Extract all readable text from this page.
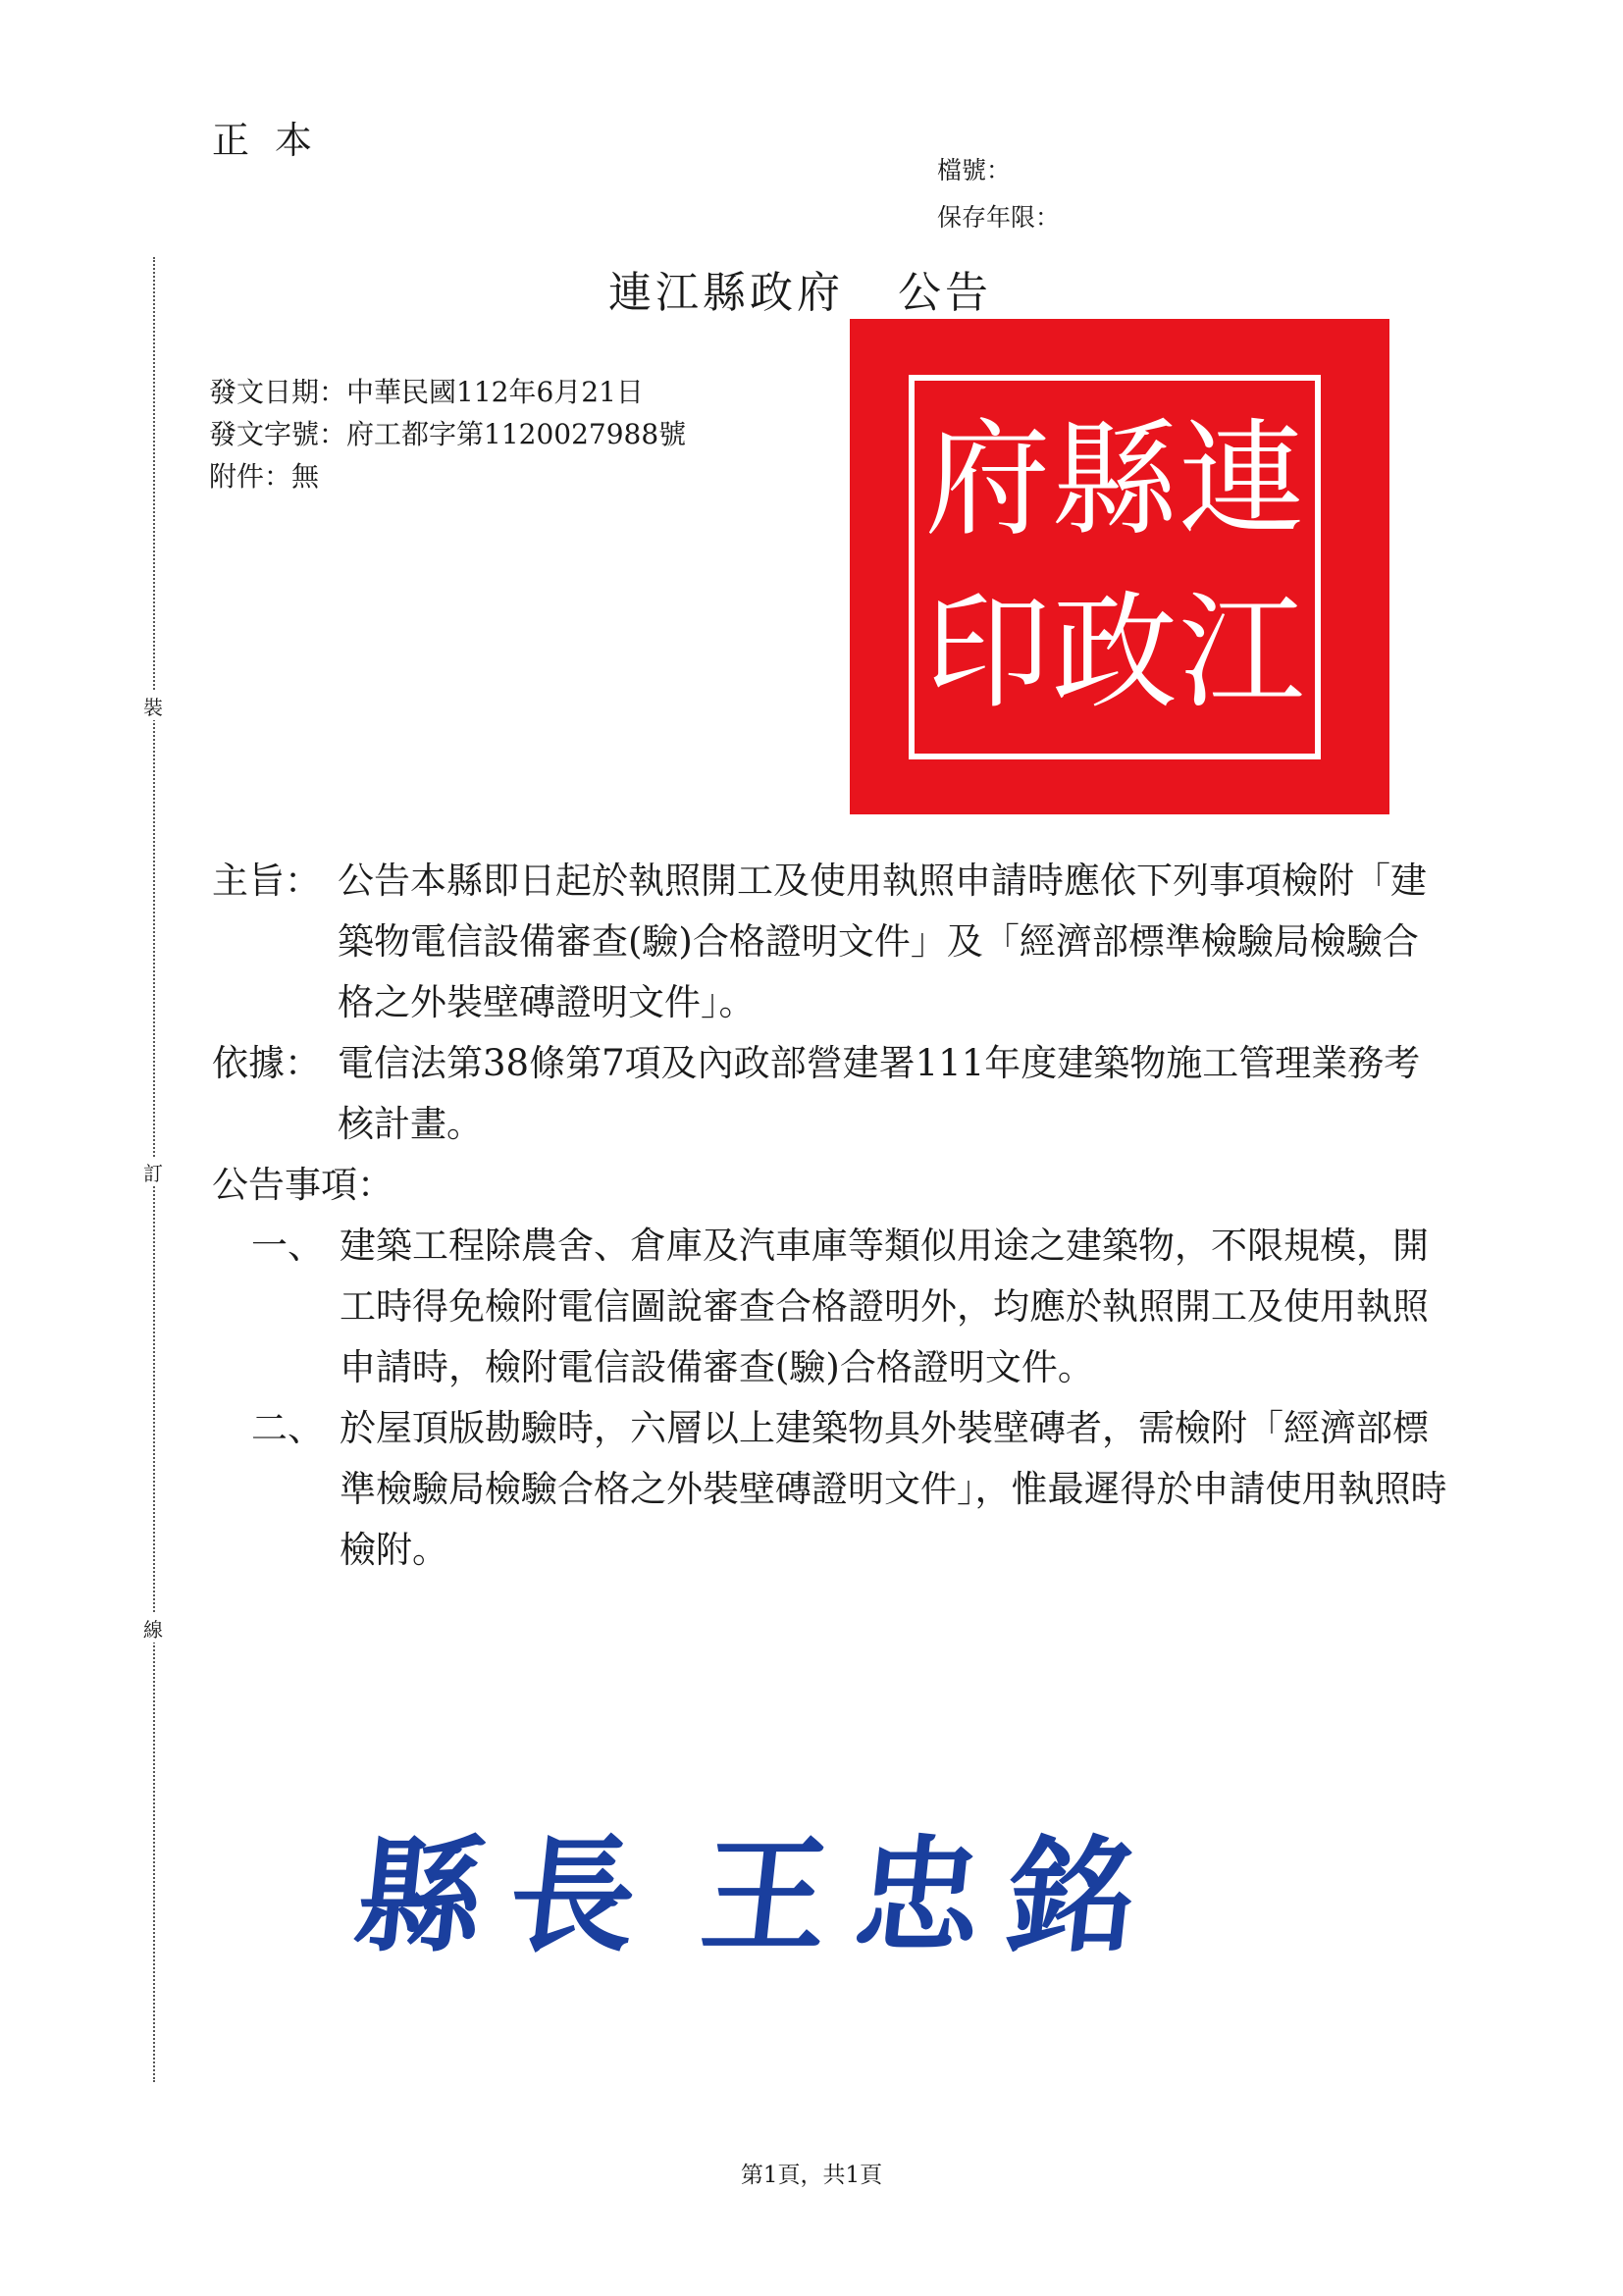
正本
檔號：
保存年限：
連江縣政府 公告
發文日期：中華民國112年6月21日
發文字號：府工都字第1120027988號
附件：無
裝
訂
線
連
江
縣
政
府
印
主旨： 公告本縣即日起於執照開工及使用執照申請時應依下列事項檢附「建築物電信設備審查(驗)合格證明文件」及「經濟部標準檢驗局檢驗合格之外裝壁磚證明文件」。
依據： 電信法第38條第7項及內政部營建署111年度建築物施工管理業務考核計畫。
公告事項：
一、 建築工程除農舍、倉庫及汽車庫等類似用途之建築物，不限規模，開工時得免檢附電信圖說審查合格證明外，均應於執照開工及使用執照申請時，檢附電信設備審查(驗)合格證明文件。
二、 於屋頂版勘驗時，六層以上建築物具外裝壁磚者，需檢附「經濟部標準檢驗局檢驗合格之外裝壁磚證明文件」，惟最遲得於申請使用執照時檢附。
縣長 王忠銘
第1頁，共1頁
